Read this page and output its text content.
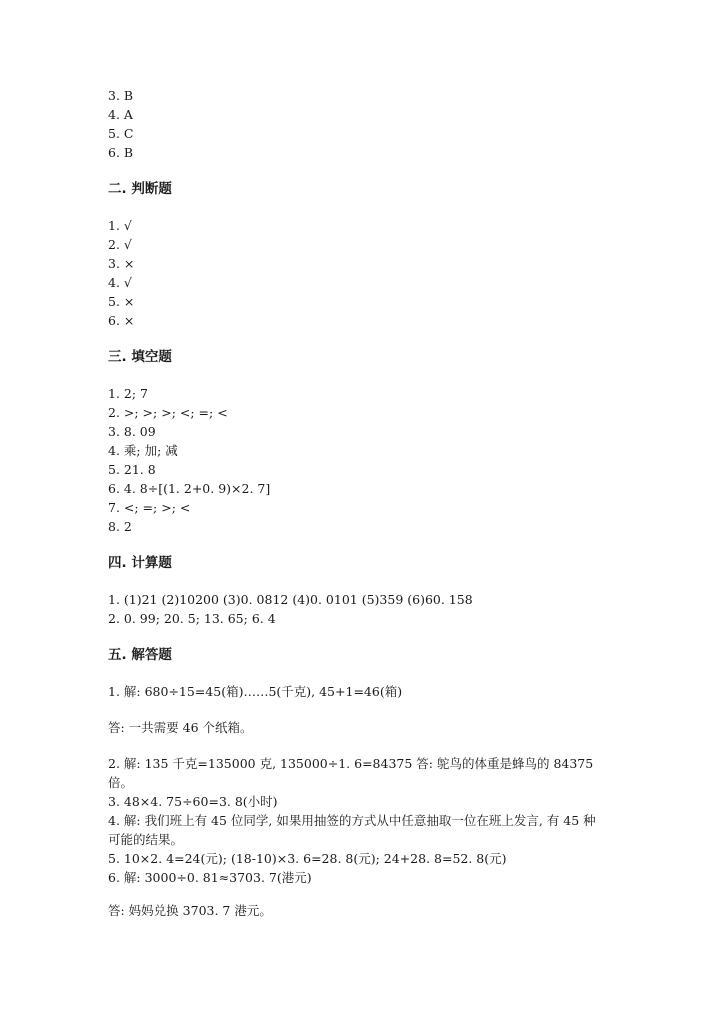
3. B
4. A
5. C
6. B
二. 判断题
1. √
2. √
3. ×
4. √
5. ×
6. ×
三. 填空题
1. 2; 7
2. >; >; >; <; =; <
3. 8. 09
4. 乘; 加; 减
5. 21. 8
6. 4. 8÷[(1. 2+0. 9)×2. 7]
7. <; =; >; <
8. 2
四. 计算题
1. (1)21 (2)10200 (3)0. 0812 (4)0. 0101 (5)359 (6)60. 158
2. 0. 99; 20. 5; 13. 65; 6. 4
五. 解答题
1. 解: 680÷15=45(箱)……5(千克), 45+1=46(箱)
答: 一共需要 46 个纸箱。
2. 解: 135 千克=135000 克, 135000÷1. 6=84375 答: 鸵鸟的体重是蜂鸟的 84375 倍。
3. 48×4. 75÷60=3. 8(小时)
4. 解: 我们班上有 45 位同学, 如果用抽签的方式从中任意抽取一位在班上发言, 有 45 种可能的结果。
5. 10×2. 4=24(元); (18-10)×3. 6=28. 8(元); 24+28. 8=52. 8(元)
6. 解: 3000÷0. 81≈3703. 7(港元)
答: 妈妈兑换 3703. 7 港元。
